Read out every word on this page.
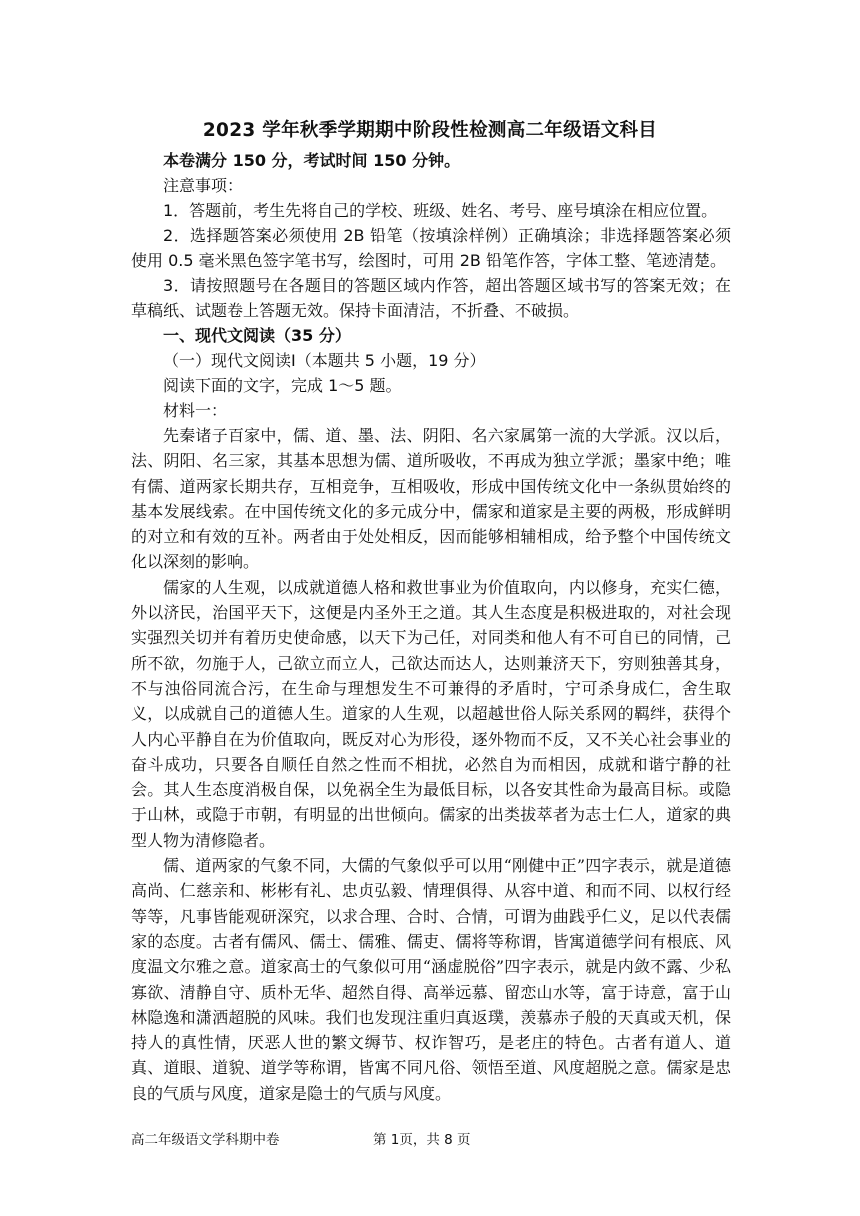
2023 学年秋季学期期中阶段性检测高二年级语文科目

本卷满分 150 分，考试时间 150 分钟。

注意事项：

1．答题前，考生先将自己的学校、班级、姓名、考号、座号填涂在相应位置。

2．选择题答案必须使用 2B 铅笔（按填涂样例）正确填涂；非选择题答案必须使用 0.5 毫米黑色签字笔书写，绘图时，可用 2B 铅笔作答，字体工整、笔迹清楚。

3．请按照题号在各题目的答题区域内作答，超出答题区域书写的答案无效；在草稿纸、试题卷上答题无效。保持卡面清洁，不折叠、不破损。

一、现代文阅读（35 分）

（一）现代文阅读Ⅰ（本题共 5 小题，19 分）

阅读下面的文字，完成 1～5 题。

材料一：

先秦诸子百家中，儒、道、墨、法、阴阳、名六家属第一流的大学派。汉以后，法、阴阳、名三家，其基本思想为儒、道所吸收，不再成为独立学派；墨家中绝；唯有儒、道两家长期共存，互相竞争，互相吸收，形成中国传统文化中一条纵贯始终的基本发展线索。在中国传统文化的多元成分中，儒家和道家是主要的两极，形成鲜明的对立和有效的互补。两者由于处处相反，因而能够相辅相成，给予整个中国传统文化以深刻的影响。

儒家的人生观，以成就道德人格和救世事业为价值取向，内以修身，充实仁德，外以济民，治国平天下，这便是内圣外王之道。其人生态度是积极进取的，对社会现实强烈关切并有着历史使命感，以天下为己任，对同类和他人有不可自已的同情，己所不欲，勿施于人，己欲立而立人，己欲达而达人，达则兼济天下，穷则独善其身，不与浊俗同流合污，在生命与理想发生不可兼得的矛盾时，宁可杀身成仁，舍生取义，以成就自己的道德人生。道家的人生观，以超越世俗人际关系网的羁绊，获得个人内心平静自在为价值取向，既反对心为形役，逐外物而不反，又不关心社会事业的奋斗成功，只要各自顺任自然之性而不相扰，必然自为而相因，成就和谐宁静的社会。其人生态度消极自保，以免祸全生为最低目标，以各安其性命为最高目标。或隐于山林，或隐于市朝，有明显的出世倾向。儒家的出类拔萃者为志士仁人，道家的典型人物为清修隐者。

儒、道两家的气象不同，大儒的气象似乎可以用“刚健中正”四字表示，就是道德高尚、仁慈亲和、彬彬有礼、忠贞弘毅、情理俱得、从容中道、和而不同、以权行经等等，凡事皆能观研深究，以求合理、合时、合情，可谓为曲践乎仁义，足以代表儒家的态度。古者有儒风、儒士、儒雅、儒吏、儒将等称谓，皆寓道德学问有根底、风度温文尔雅之意。道家高士的气象似可用“涵虚脱俗”四字表示，就是内敛不露、少私寡欲、清静自守、质朴无华、超然自得、高举远慕、留恋山水等，富于诗意，富于山林隐逸和潇洒超脱的风味。我们也发现注重归真返璞，羡慕赤子般的天真或天机，保持人的真性情，厌恶人世的繁文缛节、权诈智巧，是老庄的特色。古者有道人、道真、道眼、道貌、道学等称谓，皆寓不同凡俗、领悟至道、风度超脱之意。儒家是忠良的气质与风度，道家是隐士的气质与风度。

高二年级语文学科期中卷	第 1页，共 8 页
